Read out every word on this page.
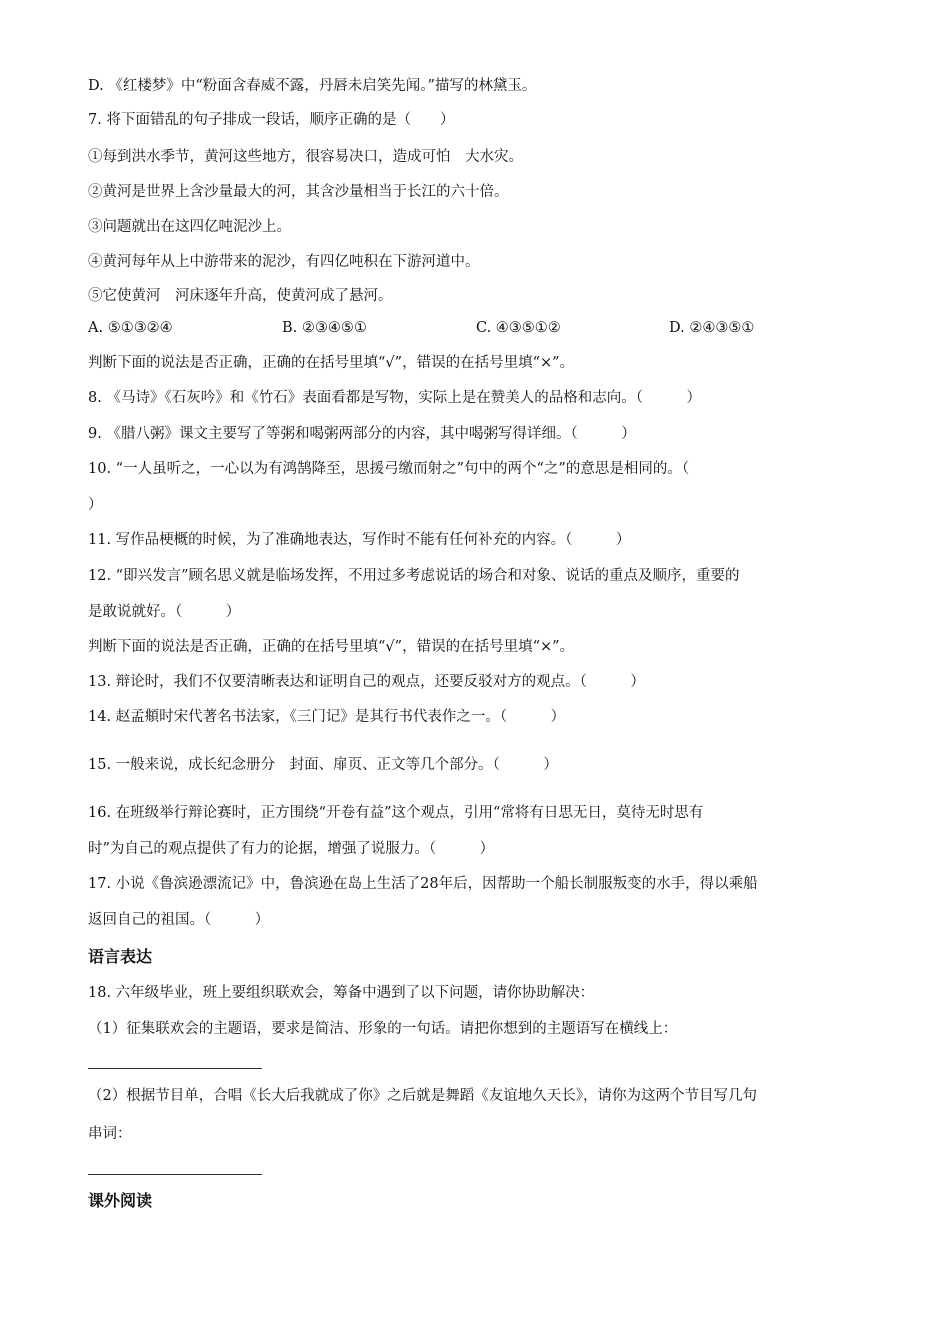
D. 《红楼梦》中“粉面含春威不露，丹唇未启笑先闻。”描写的林黛玉。
7. 将下面错乱的句子排成一段话，顺序正确的是（　　）
①每到洪水季节，黄河这些地方，很容易决口，造成可怕　大水灾。
②黄河是世界上含沙量最大的河，其含沙量相当于长江的六十倍。
③问题就出在这四亿吨泥沙上。
④黄河每年从上中游带来的泥沙，有四亿吨积在下游河道中。
⑤它使黄河　河床逐年升高，使黄河成了悬河。
A. ⑤①③②④	B. ②③④⑤①	C. ④③⑤①②	D. ②④③⑤①
判断下面的说法是否正确，正确的在括号里填“√”，错误的在括号里填“×”。
8. 《马诗》《石灰吟》和《竹石》表面看都是写物，实际上是在赞美人的品格和志向。（　　　）
9. 《腊八粥》课文主要写了等粥和喝粥两部分的内容，其中喝粥写得详细。（　　　）
10. “一人虽听之，一心以为有鸿鹄降至，思援弓缴而射之”句中的两个“之”的意思是相同的。（
）
11. 写作品梗概的时候，为了准确地表达，写作时不能有任何补充的内容。（　　　）
12. “即兴发言”顾名思义就是临场发挥，不用过多考虑说话的场合和对象、说话的重点及顺序，重要的
是敢说就好。（　　　）
判断下面的说法是否正确，正确的在括号里填“√”，错误的在括号里填“×”。
13. 辩论时，我们不仅要清晰表达和证明自己的观点，还要反驳对方的观点。（　　　）
14. 赵孟頫时宋代著名书法家，《三门记》是其行书代表作之一。（　　　）
15. 一般来说，成长纪念册分　封面、扉页、正文等几个部分。（　　　）
16. 在班级举行辩论赛时，正方围绕“开卷有益”这个观点，引用“常将有日思无日，莫待无时思有
时”为自己的观点提供了有力的论据，增强了说服力。（　　　）
17. 小说《鲁滨逊漂流记》中，鲁滨逊在岛上生活了28年后，因帮助一个船长制服叛变的水手，得以乘船
返回自己的祖国。（　　　）
语言表达
18. 六年级毕业，班上要组织联欢会，筹备中遇到了以下问题，请你协助解决：
（1）征集联欢会的主题语，要求是简洁、形象的一句话。请把你想到的主题语写在横线上：
（2）根据节目单，合唱《长大后我就成了你》之后就是舞蹈《友谊地久天长》，请你为这两个节目写几句
串词：
课外阅读
